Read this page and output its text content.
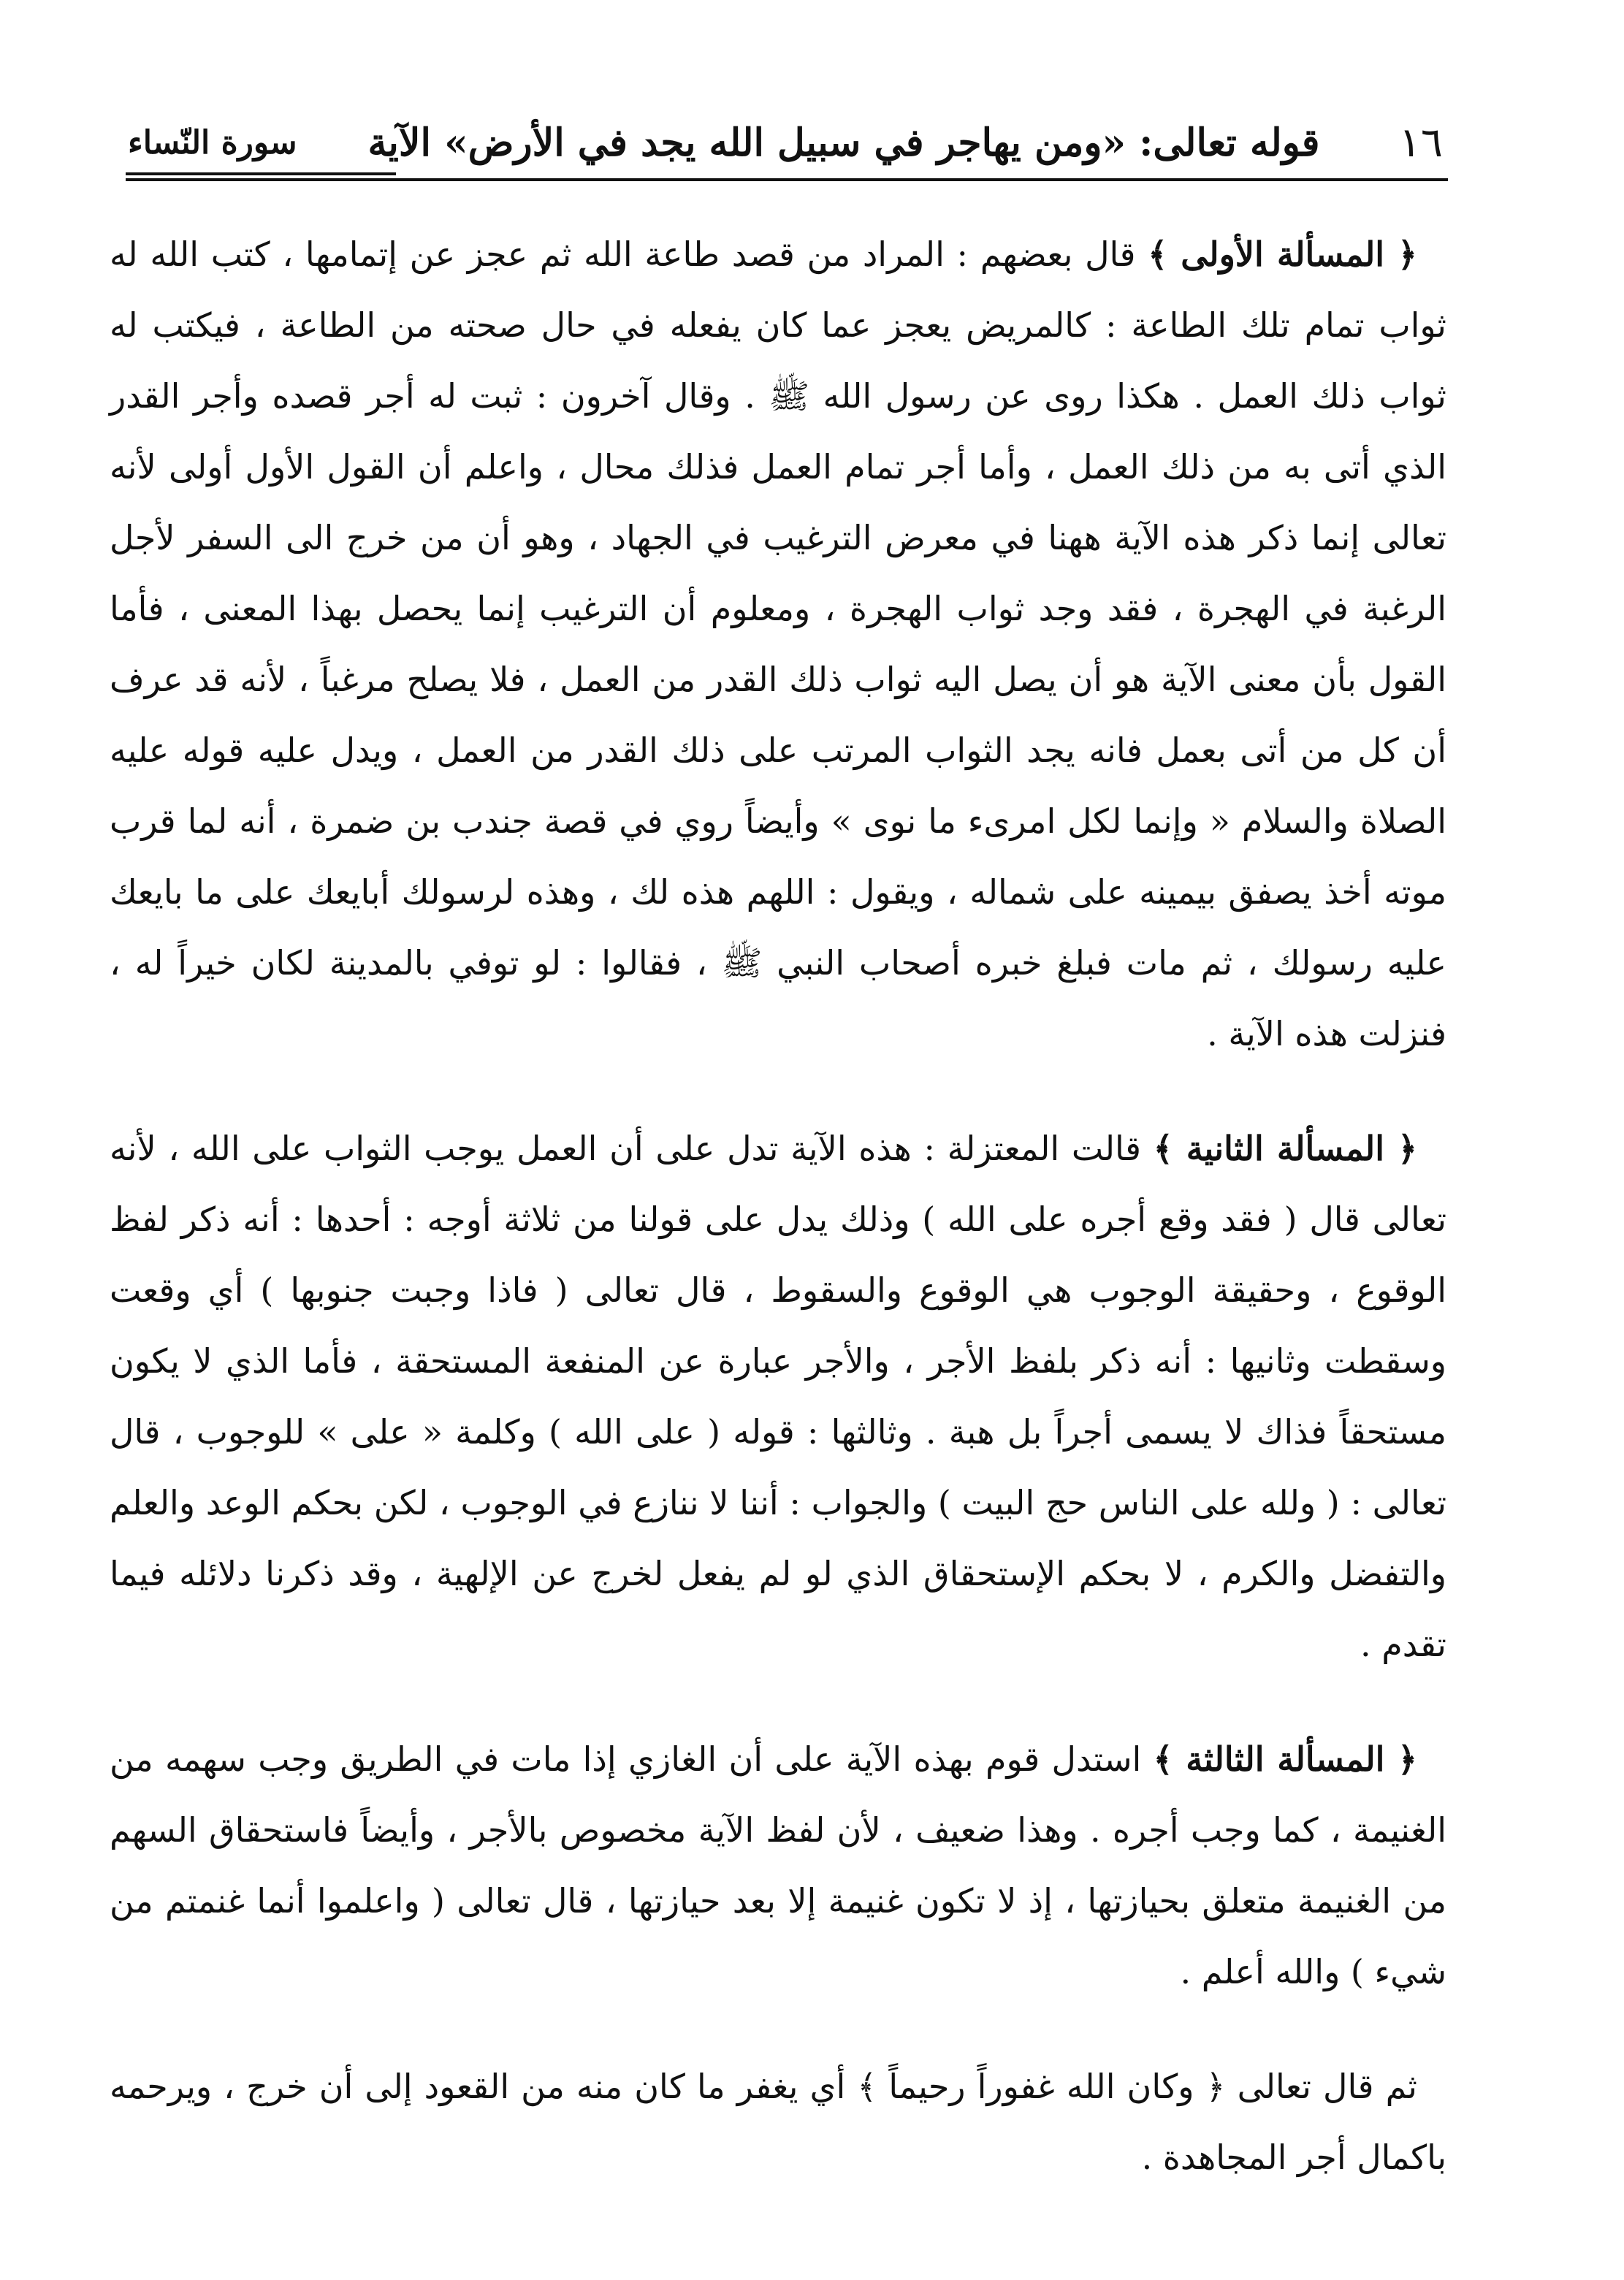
١٦
قوله تعالى: «ومن يهاجر في سبيل الله يجد في الأرض» الآية
سورة النّساء

﴿ المسألة الأولى ﴾ قال بعضهم : المراد من قصد طاعة الله ثم عجز عن إتمامها ، كتب الله له ثواب تمام تلك الطاعة : كالمريض يعجز عما كان يفعله في حال صحته من الطاعة ، فيكتب له ثواب ذلك العمل . هكذا روى عن رسول الله ﷺ . وقال آخرون : ثبت له أجر قصده وأجر القدر الذي أتى به من ذلك العمل ، وأما أجر تمام العمل فذلك محال ، واعلم أن القول الأول أولى لأنه تعالى إنما ذكر هذه الآية ههنا في معرض الترغيب في الجهاد ، وهو أن من خرج الى السفر لأجل الرغبة في الهجرة ، فقد وجد ثواب الهجرة ، ومعلوم أن الترغيب إنما يحصل بهذا المعنى ، فأما القول بأن معنى الآية هو أن يصل اليه ثواب ذلك القدر من العمل ، فلا يصلح مرغباً ، لأنه قد عرف أن كل من أتى بعمل فانه يجد الثواب المرتب على ذلك القدر من العمل ، ويدل عليه قوله عليه الصلاة والسلام « وإنما لكل امرىء ما نوى » وأيضاً روي في قصة جندب بن ضمرة ، أنه لما قرب موته أخذ يصفق بيمينه على شماله ، ويقول : اللهم هذه لك ، وهذه لرسولك أبايعك على ما بايعك عليه رسولك ، ثم مات فبلغ خبره أصحاب النبي ﷺ ، فقالوا : لو توفي بالمدينة لكان خيراً له ، فنزلت هذه الآية .

﴿ المسألة الثانية ﴾ قالت المعتزلة : هذه الآية تدل على أن العمل يوجب الثواب على الله ، لأنه تعالى قال ( فقد وقع أجره على الله ) وذلك يدل على قولنا من ثلاثة أوجه : أحدها : أنه ذكر لفظ الوقوع ، وحقيقة الوجوب هي الوقوع والسقوط ، قال تعالى ( فاذا وجبت جنوبها ) أي وقعت وسقطت وثانيها : أنه ذكر بلفظ الأجر ، والأجر عبارة عن المنفعة المستحقة ، فأما الذي لا يكون مستحقاً فذاك لا يسمى أجراً بل هبة . وثالثها : قوله ( على الله ) وكلمة « على » للوجوب ، قال تعالى : ( ولله على الناس حج البيت ) والجواب : أننا لا ننازع في الوجوب ، لكن بحكم الوعد والعلم والتفضل والكرم ، لا بحكم الإستحقاق الذي لو لم يفعل لخرج عن الإلهية ، وقد ذكرنا دلائله فيما تقدم .

﴿ المسألة الثالثة ﴾ استدل قوم بهذه الآية على أن الغازي إذا مات في الطريق وجب سهمه من الغنيمة ، كما وجب أجره . وهذا ضعيف ، لأن لفظ الآية مخصوص بالأجر ، وأيضاً فاستحقاق السهم من الغنيمة متعلق بحيازتها ، إذ لا تكون غنيمة إلا بعد حيازتها ، قال تعالى ( واعلموا أنما غنمتم من شيء ) والله أعلم .

ثم قال تعالى ﴿ وكان الله غفوراً رحيماً ﴾ أي يغفر ما كان منه من القعود إلى أن خرج ، ويرحمه باكمال أجر المجاهدة .
